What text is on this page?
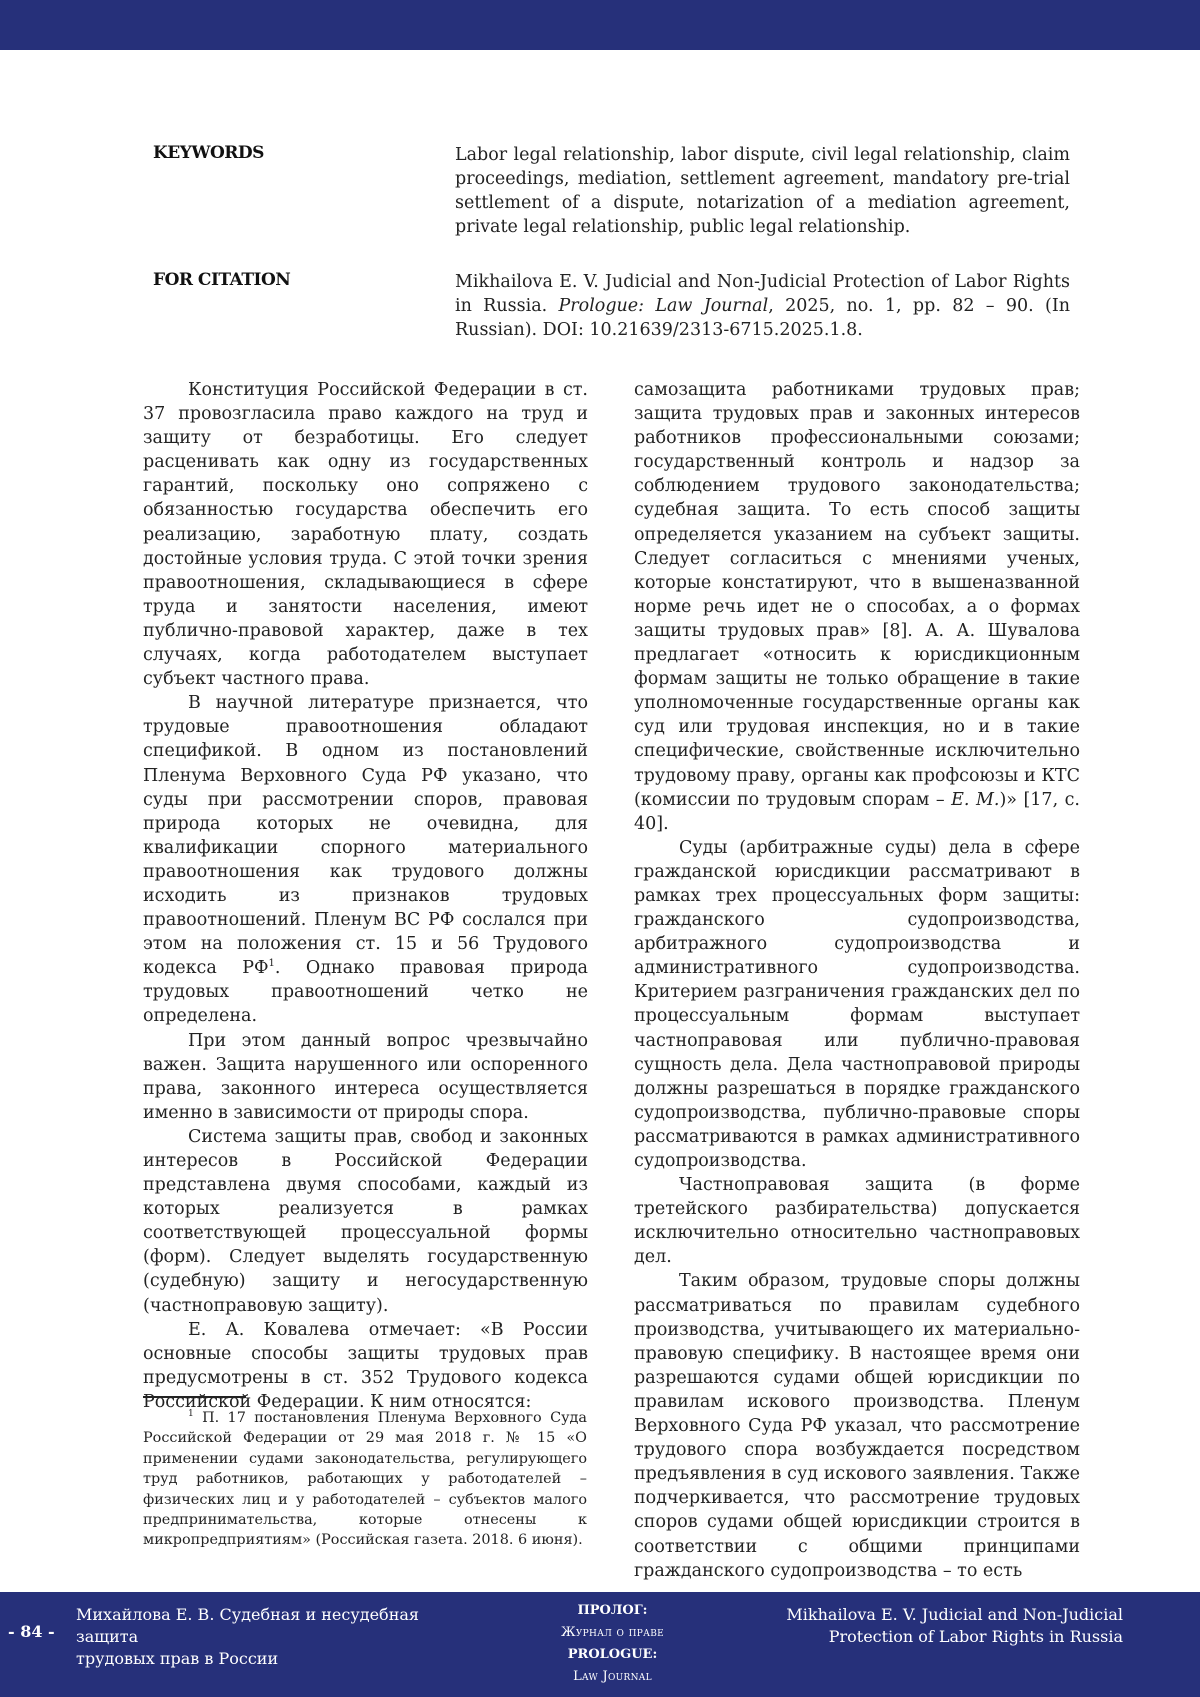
KEYWORDS	Labor legal relationship, labor dispute, civil legal relationship, claim proceedings, mediation, settlement agreement, mandatory pre-trial settlement of a dispute, notarization of a mediation agreement, private legal relationship, public legal relationship.
FOR CITATION	Mikhailova E. V. Judicial and Non-Judicial Protection of Labor Rights in Russia. Prologue: Law Journal, 2025, no. 1, pp. 82 – 90. (In Russian). DOI: 10.21639/2313-6715.2025.1.8.

Конституция Российской Федерации в ст. 37 провозгласила право каждого на труд и защиту от безработицы. Его следует расценивать как одну из государственных гарантий, поскольку оно сопряжено с обязанностью государства обеспечить его реализацию, заработную плату, создать достойные условия труда. С этой точки зрения правоотношения, складывающиеся в сфере труда и занятости населения, имеют публично-правовой характер, даже в тех случаях, когда работодателем выступает субъект частного права.

В научной литературе признается, что трудовые правоотношения обладают спецификой. В одном из постановлений Пленума Верховного Суда РФ указано, что суды при рассмотрении споров, правовая природа которых не очевидна, для квалификации спорного материального правоотношения как трудового должны исходить из признаков трудовых правоотношений. Пленум ВС РФ сослался при этом на положения ст. 15 и 56 Трудового кодекса $РФ^1$. Однако правовая природа трудовых правоотношений четко не определена.

При этом данный вопрос чрезвычайно важен. Защита нарушенного или оспоренного права, законного интереса осуществляется именно в зависимости от природы спора.

Система защиты прав, свобод и законных интересов в Российской Федерации представлена двумя способами, каждый из которых реализуется в рамках соответствующей процессуальной формы (форм). Следует выделять государственную (судебную) защиту и негосударственную (частноправовую защиту).

Е. А. Ковалева отмечает: «В России основные способы защиты трудовых прав предусмотрены в ст. 352 Трудового кодекса Российской Федерации. К ним относятся:

$^1$ П. 17 постановления Пленума Верховного Суда Российской Федерации от 29 мая 2018 г. № 15 «О применении судами законодательства, регулирующего труд работников, работающих у работодателей – физических лиц и у работодателей – субъектов малого предпринимательства, которые отнесены к микропредприятиям» (Российская газета. 2018. 6 июня).

самозащита работниками трудовых прав; защита трудовых прав и законных интересов работников профессиональными союзами; государственный контроль и надзор за соблюдением трудового законодательства; судебная защита. То есть способ защиты определяется указанием на субъект защиты. Следует согласиться с мнениями ученых, которые констатируют, что в вышеназванной норме речь идет не о способах, а о формах защиты трудовых прав» [8]. А. А. Шувалова предлагает «относить к юрисдикционным формам защиты не только обращение в такие уполномоченные государственные органы как суд или трудовая инспекция, но и в такие специфические, свойственные исключительно трудовому праву, органы как профсоюзы и КТС (комиссии по трудовым спорам – Е. М.)» [17, с. 40].

Суды (арбитражные суды) дела в сфере гражданской юрисдикции рассматривают в рамках трех процессуальных форм защиты: гражданского судопроизводства, арбитражного судопроизводства и административного судопроизводства. Критерием разграничения гражданских дел по процессуальным формам выступает частноправовая или публично-правовая сущность дела. Дела частноправовой природы должны разрешаться в порядке гражданского судопроизводства, публично-правовые споры рассматриваются в рамках административного судопроизводства.

Частноправовая защита (в форме третейского разбирательства) допускается исключительно относительно частноправовых дел.

Таким образом, трудовые споры должны рассматриваться по правилам судебного производства, учитывающего их материально-правовую специфику. В настоящее время они разрешаются судами общей юрисдикции по правилам искового производства. Пленум Верховного Суда РФ указал, что рассмотрение трудового спора возбуждается посредством предъявления в суд искового заявления. Также подчеркивается, что рассмотрение трудовых споров судами общей юрисдикции строится в соответствии с общими принципами гражданского судопроизводства – то есть

- 84 -
Михайлова Е. В. Судебная и несудебная защита
трудовых прав в России
ПРОЛОГ:
Журнал о праве
PROLOGUE:
Law Journal
Mikhailova E. V. Judicial and Non-Judicial
Protection of Labor Rights in Russia
